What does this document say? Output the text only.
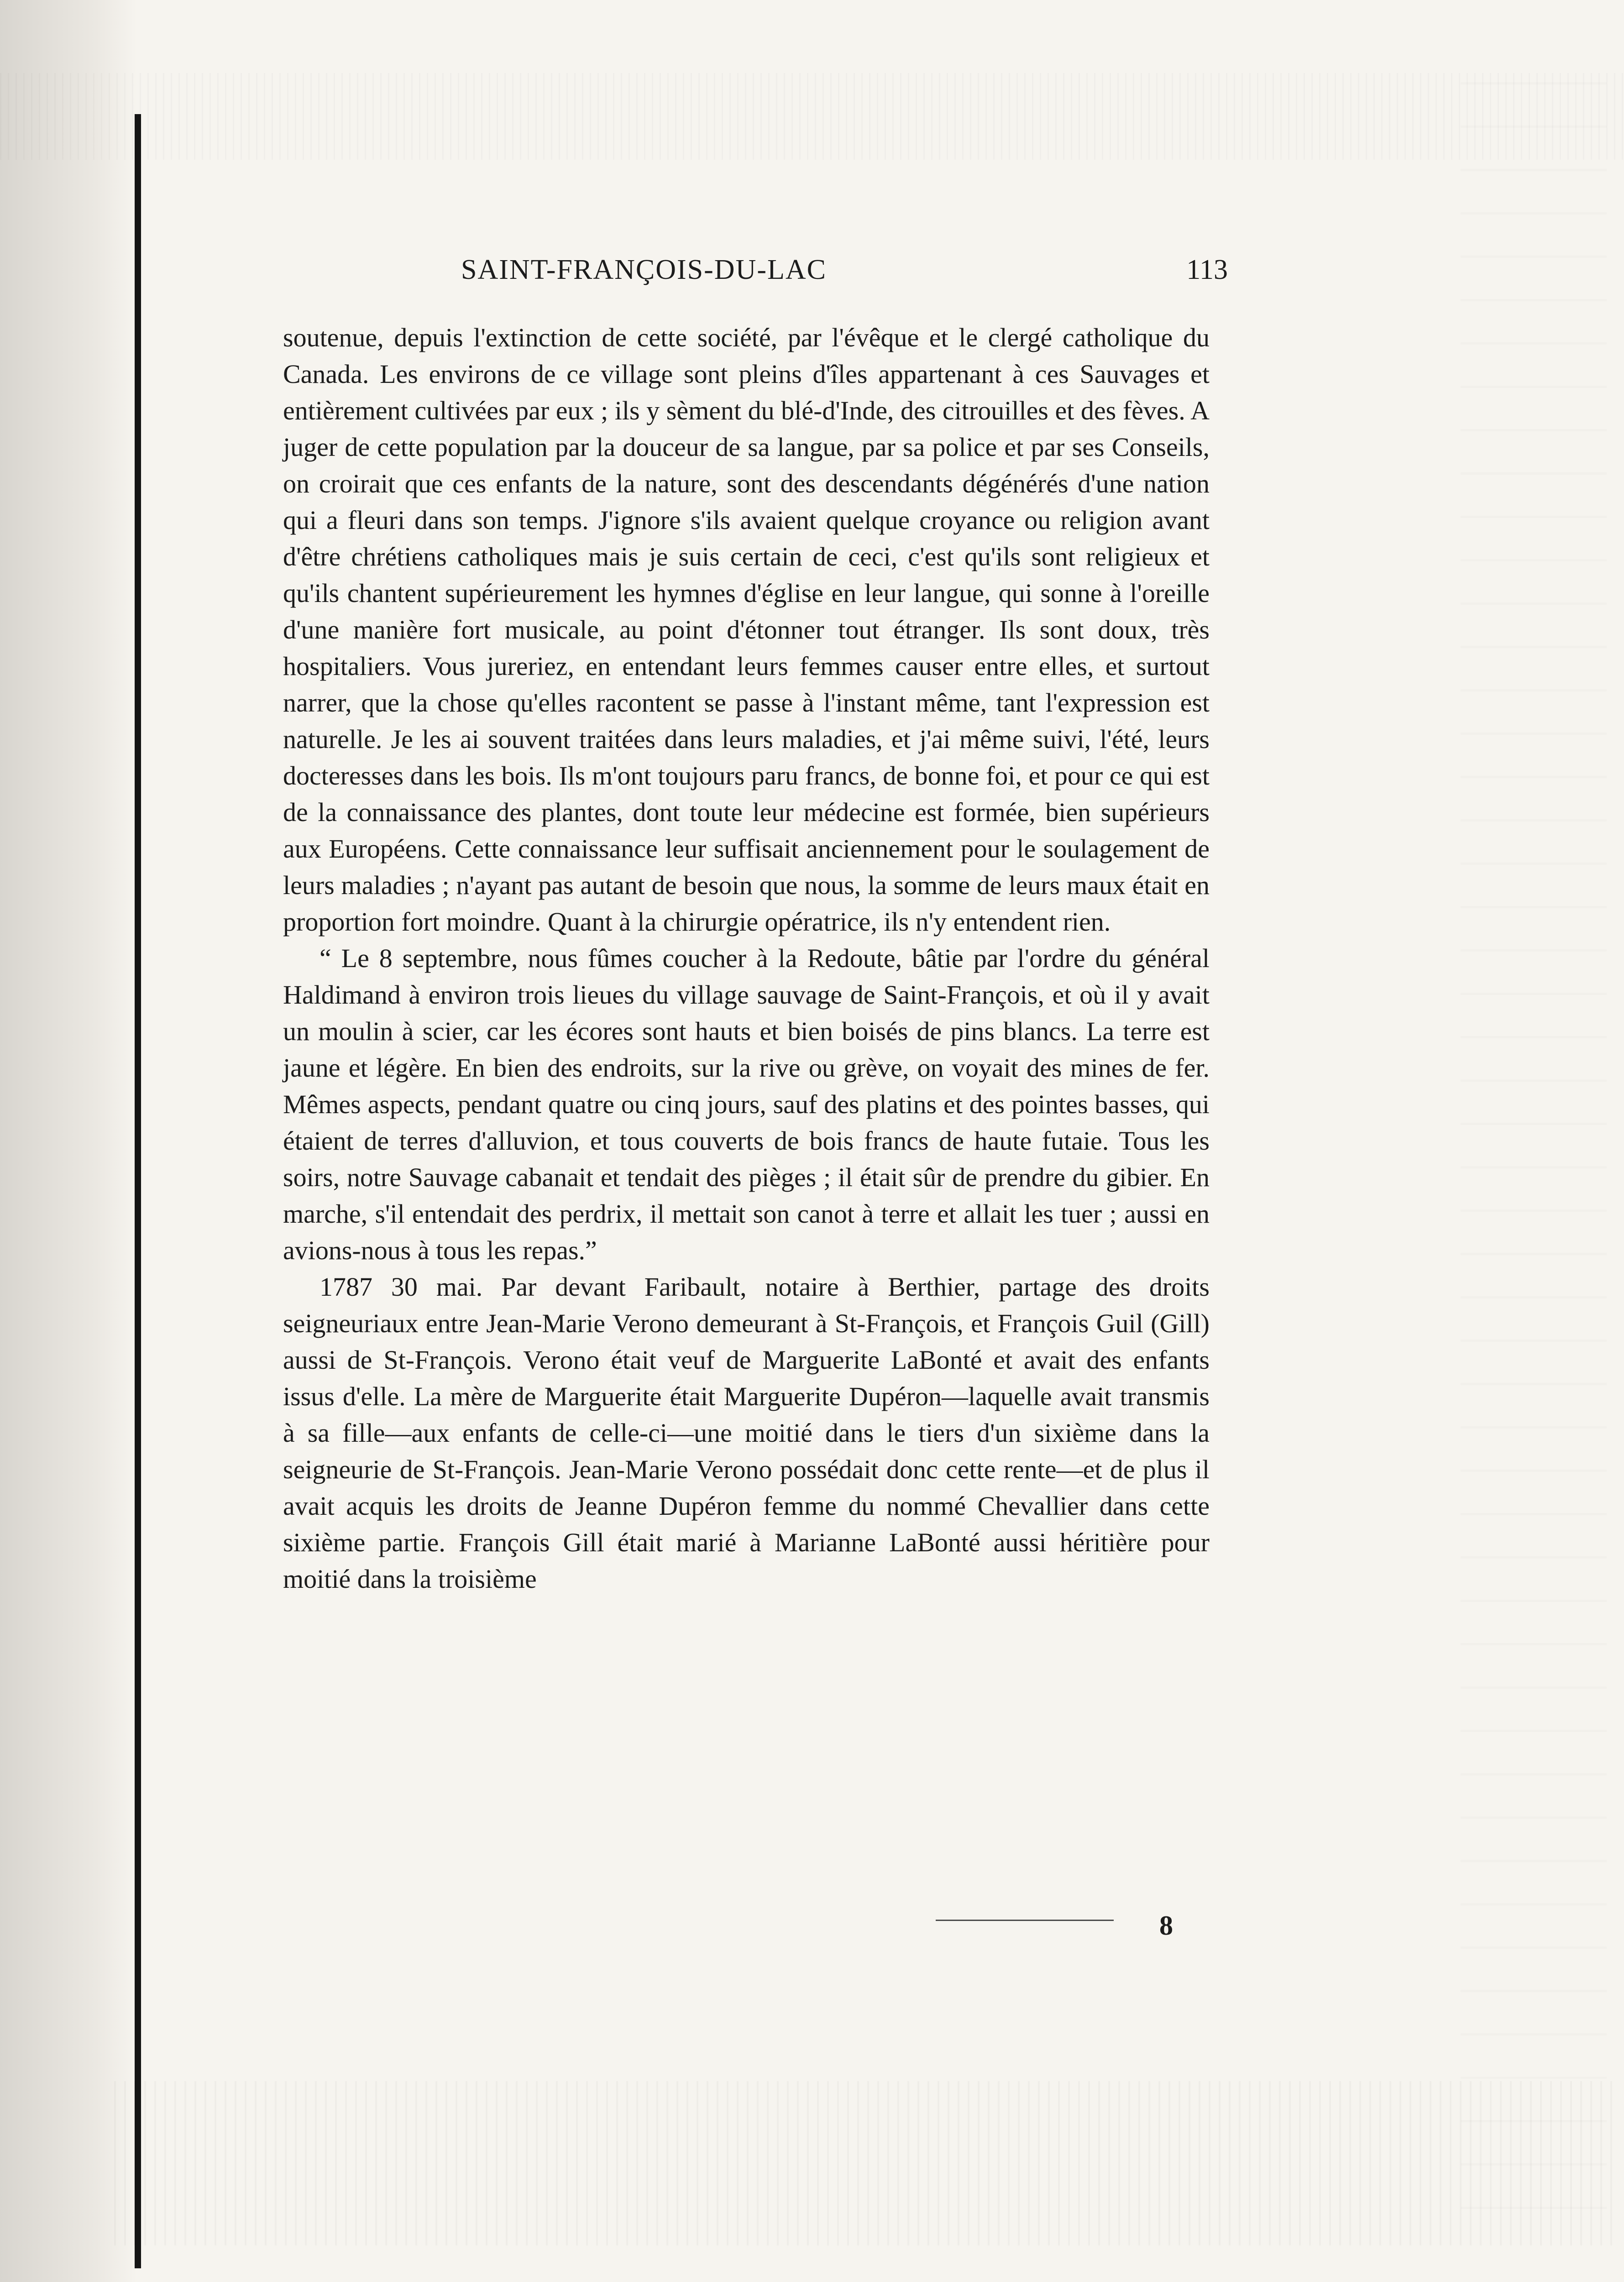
SAINT-FRANÇOIS-DU-LAC	113

soutenue, depuis l'extinction de cette société, par l'évêque et le clergé catholique du Canada. Les environs de ce village sont pleins d'îles appartenant à ces Sauvages et entièrement cultivées par eux ; ils y sèment du blé-d'Inde, des citrouilles et des fèves. A juger de cette population par la douceur de sa langue, par sa police et par ses Conseils, on croirait que ces enfants de la nature, sont des descendants dégénérés d'une nation qui a fleuri dans son temps. J'ignore s'ils avaient quelque croyance ou religion avant d'être chrétiens catholiques mais je suis certain de ceci, c'est qu'ils sont religieux et qu'ils chantent supérieurement les hymnes d'église en leur langue, qui sonne à l'oreille d'une manière fort musicale, au point d'étonner tout étranger. Ils sont doux, très hospitaliers. Vous jureriez, en entendant leurs femmes causer entre elles, et surtout narrer, que la chose qu'elles racontent se passe à l'instant même, tant l'expression est naturelle. Je les ai souvent traitées dans leurs maladies, et j'ai même suivi, l'été, leurs docteresses dans les bois. Ils m'ont toujours paru francs, de bonne foi, et pour ce qui est de la connaissance des plantes, dont toute leur médecine est formée, bien supérieurs aux Européens. Cette connaissance leur suffisait anciennement pour le soulagement de leurs maladies ; n'ayant pas autant de besoin que nous, la somme de leurs maux était en proportion fort moindre. Quant à la chirurgie opératrice, ils n'y entendent rien.

“ Le 8 septembre, nous fûmes coucher à la Redoute, bâtie par l'ordre du général Haldimand à environ trois lieues du village sauvage de Saint-François, et où il y avait un moulin à scier, car les écores sont hauts et bien boisés de pins blancs. La terre est jaune et légère. En bien des endroits, sur la rive ou grève, on voyait des mines de fer. Mêmes aspects, pendant quatre ou cinq jours, sauf des platins et des pointes basses, qui étaient de terres d'alluvion, et tous couverts de bois francs de haute futaie. Tous les soirs, notre Sauvage cabanait et tendait des pièges ; il était sûr de prendre du gibier. En marche, s'il entendait des perdrix, il mettait son canot à terre et allait les tuer ; aussi en avions-nous à tous les repas.”

1787 30 mai. Par devant Faribault, notaire à Berthier, partage des droits seigneuriaux entre Jean-Marie Verono demeurant à St-François, et François Guil (Gill) aussi de St-François. Verono était veuf de Marguerite LaBonté et avait des enfants issus d'elle. La mère de Marguerite était Marguerite Dupéron—laquelle avait transmis à sa fille—aux enfants de celle-ci—une moitié dans le tiers d'un sixième dans la seigneurie de St-François. Jean-Marie Verono possédait donc cette rente—et de plus il avait acquis les droits de Jeanne Dupéron femme du nommé Chevallier dans cette sixième partie. François Gill était marié à Marianne LaBonté aussi héritière pour moitié dans la troisième

8
